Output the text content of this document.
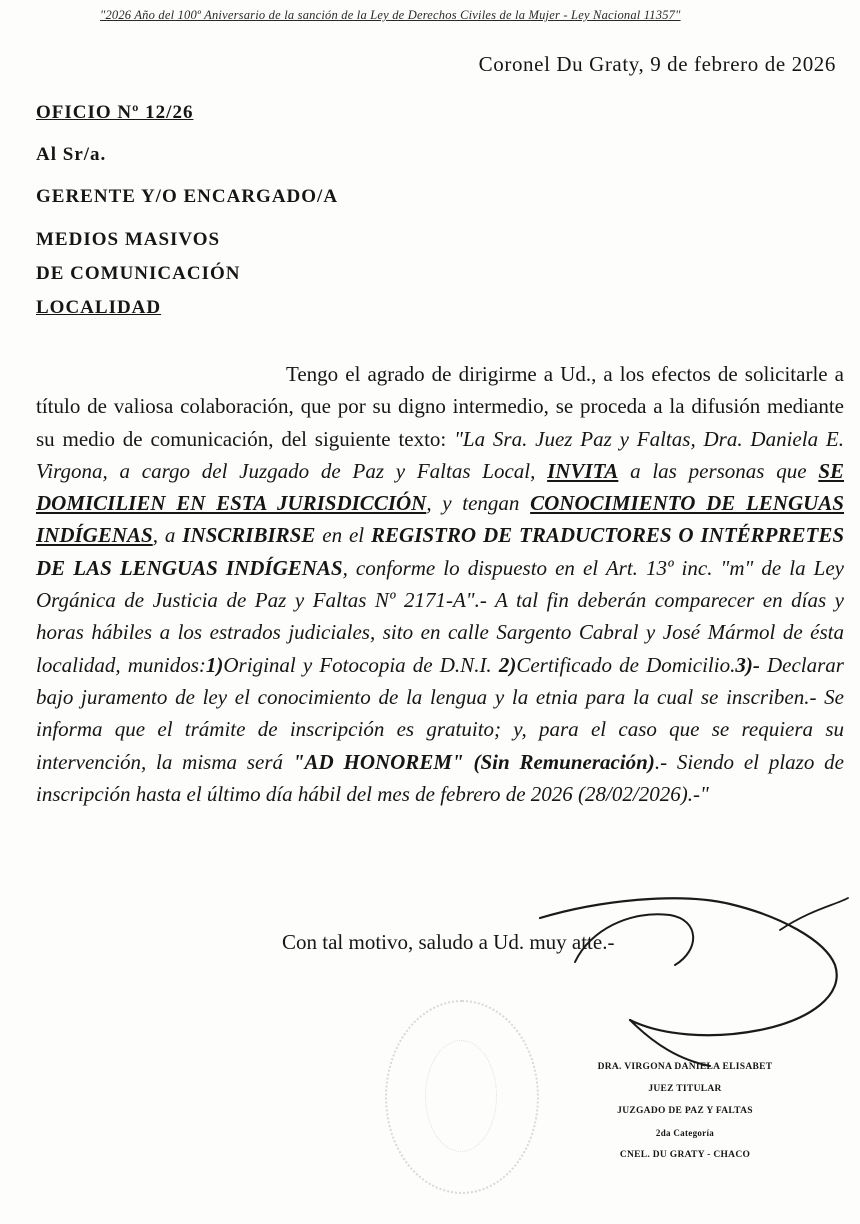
"2026 Año del 100º Aniversario de la sanción de la Ley de Derechos Civiles de la Mujer - Ley Nacional 11357"
Coronel Du Graty, 9 de febrero de 2026
OFICIO Nº 12/26
Al Sr/a.
GERENTE Y/O ENCARGADO/A
MEDIOS MASIVOS
DE COMUNICACIÓN
LOCALIDAD

Tengo el agrado de dirigirme a Ud., a los efectos de solicitarle a título de valiosa colaboración, que por su digno intermedio, se proceda a la difusión mediante su medio de comunicación, del siguiente texto: "La Sra. Juez Paz y Faltas, Dra. Daniela E. Virgona, a cargo del Juzgado de Paz y Faltas Local, INVITA a las personas que SE DOMICILIEN EN ESTA JURISDICCIÓN, y tengan CONOCIMIENTO DE LENGUAS INDÍGENAS, a INSCRIBIRSE en el REGISTRO DE TRADUCTORES O INTÉRPRETES DE LAS LENGUAS INDÍGENAS, conforme lo dispuesto en el Art. 13º inc. "m" de la Ley Orgánica de Justicia de Paz y Faltas Nº 2171-A".- A tal fin deberán comparecer en días y horas hábiles a los estrados judiciales, sito en calle Sargento Cabral y José Mármol de ésta localidad, munidos:1)Original y Fotocopia de D.N.I. 2)Certificado de Domicilio.3)- Declarar bajo juramento de ley el conocimiento de la lengua y la etnia para la cual se inscriben.- Se informa que el trámite de inscripción es gratuito; y, para el caso que se requiera su intervención, la misma será "AD HONOREM" (Sin Remuneración).- Siendo el plazo de inscripción hasta el último día hábil del mes de febrero de 2026 (28/02/2026).-"

Con tal motivo, saludo a Ud. muy atte.-
DRA. VIRGONA DANIELA ELISABET
JUEZ TITULAR
JUZGADO DE PAZ Y FALTAS
2da Categoría
CNEL. DU GRATY - CHACO
